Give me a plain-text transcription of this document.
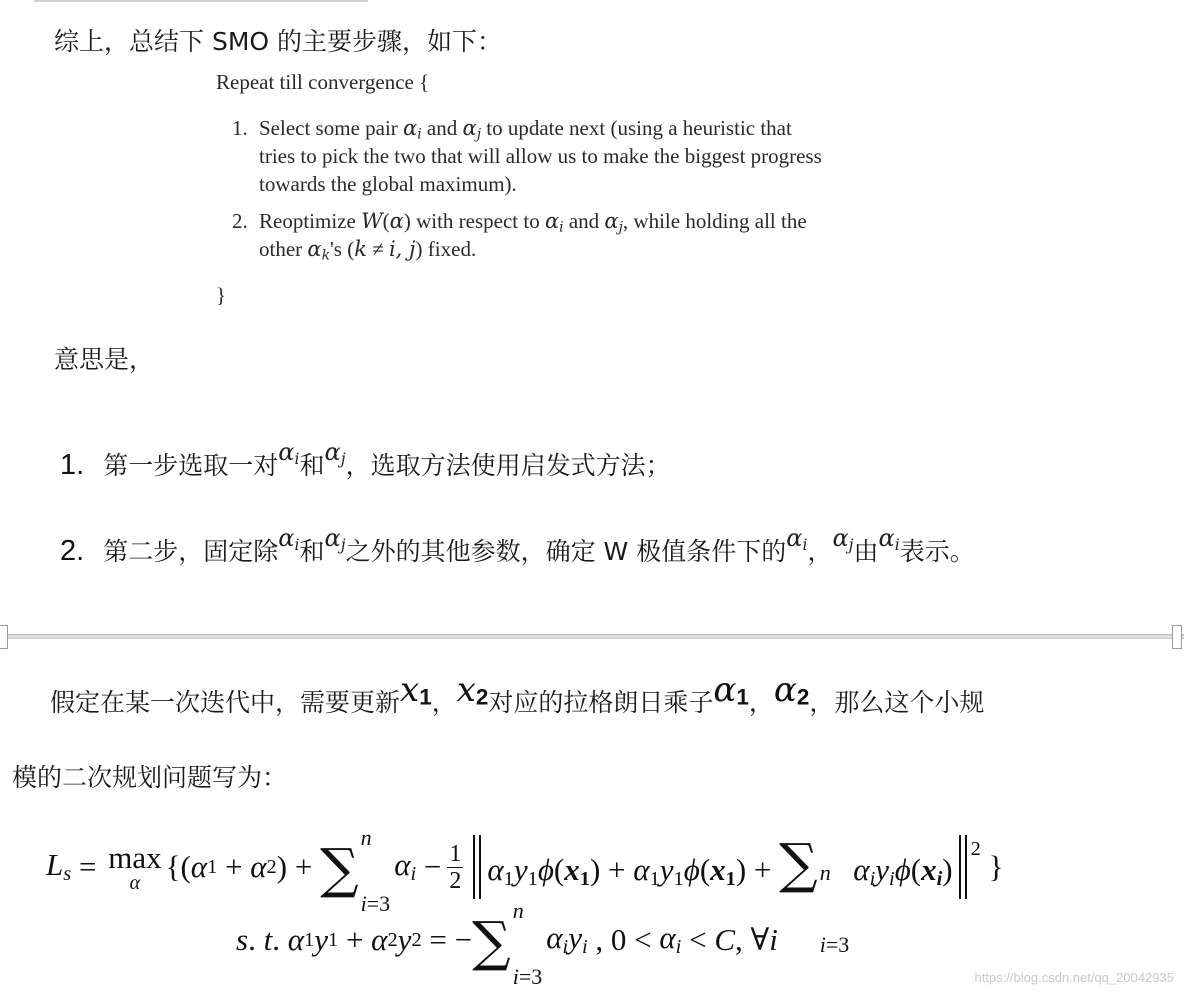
综上，总结下 SMO 的主要步骤，如下：
Repeat till convergence {
1. Select some pair $\alpha_i$ and $\alpha_j$ to update next (using a heuristic that
tries to pick the two that will allow us to make the biggest progress
towards the global maximum).
2. Reoptimize W(α) with respect to $\alpha_i$ and $\alpha_j$, while holding all the
other $\alpha_k's$ (k ≠ i, j) fixed.
}
意思是，
1. 第一步选取一对$\alpha_i$和$\alpha_j$，选取方法使用启发式方法；
2. 第二步，固定除$\alpha_i$和$\alpha_j$之外的其他参数，确定 W 极值条件下的$\alpha_i$，$\alpha_j$由$\alpha_i$表示。
假定在某一次迭代中，需要更新$x_1$，$x_2$对应的拉格朗日乘子$\alpha_1$，$\alpha_2$，那么这个小规
模的二次规划问题写为：
$L_s = \max$
α {( α 1 + α 2 ) + ∑ n
i=3
$\alpha_i - \frac{1}{2} \alpha_1y_1\phi(x_1) + \alpha_1y_1\phi(x_1)$ + ∑ n
i=3
$\alpha_iy_i\phi(x_i)$
$^2$
}
s . t . α 1 y 1 + α 2 y 2 = − ∑ n
i=3
$\alpha_iy_i$ , $0 < \alpha_i < C$ , ∀ i
https://blog.csdn.net/qq_20042935
